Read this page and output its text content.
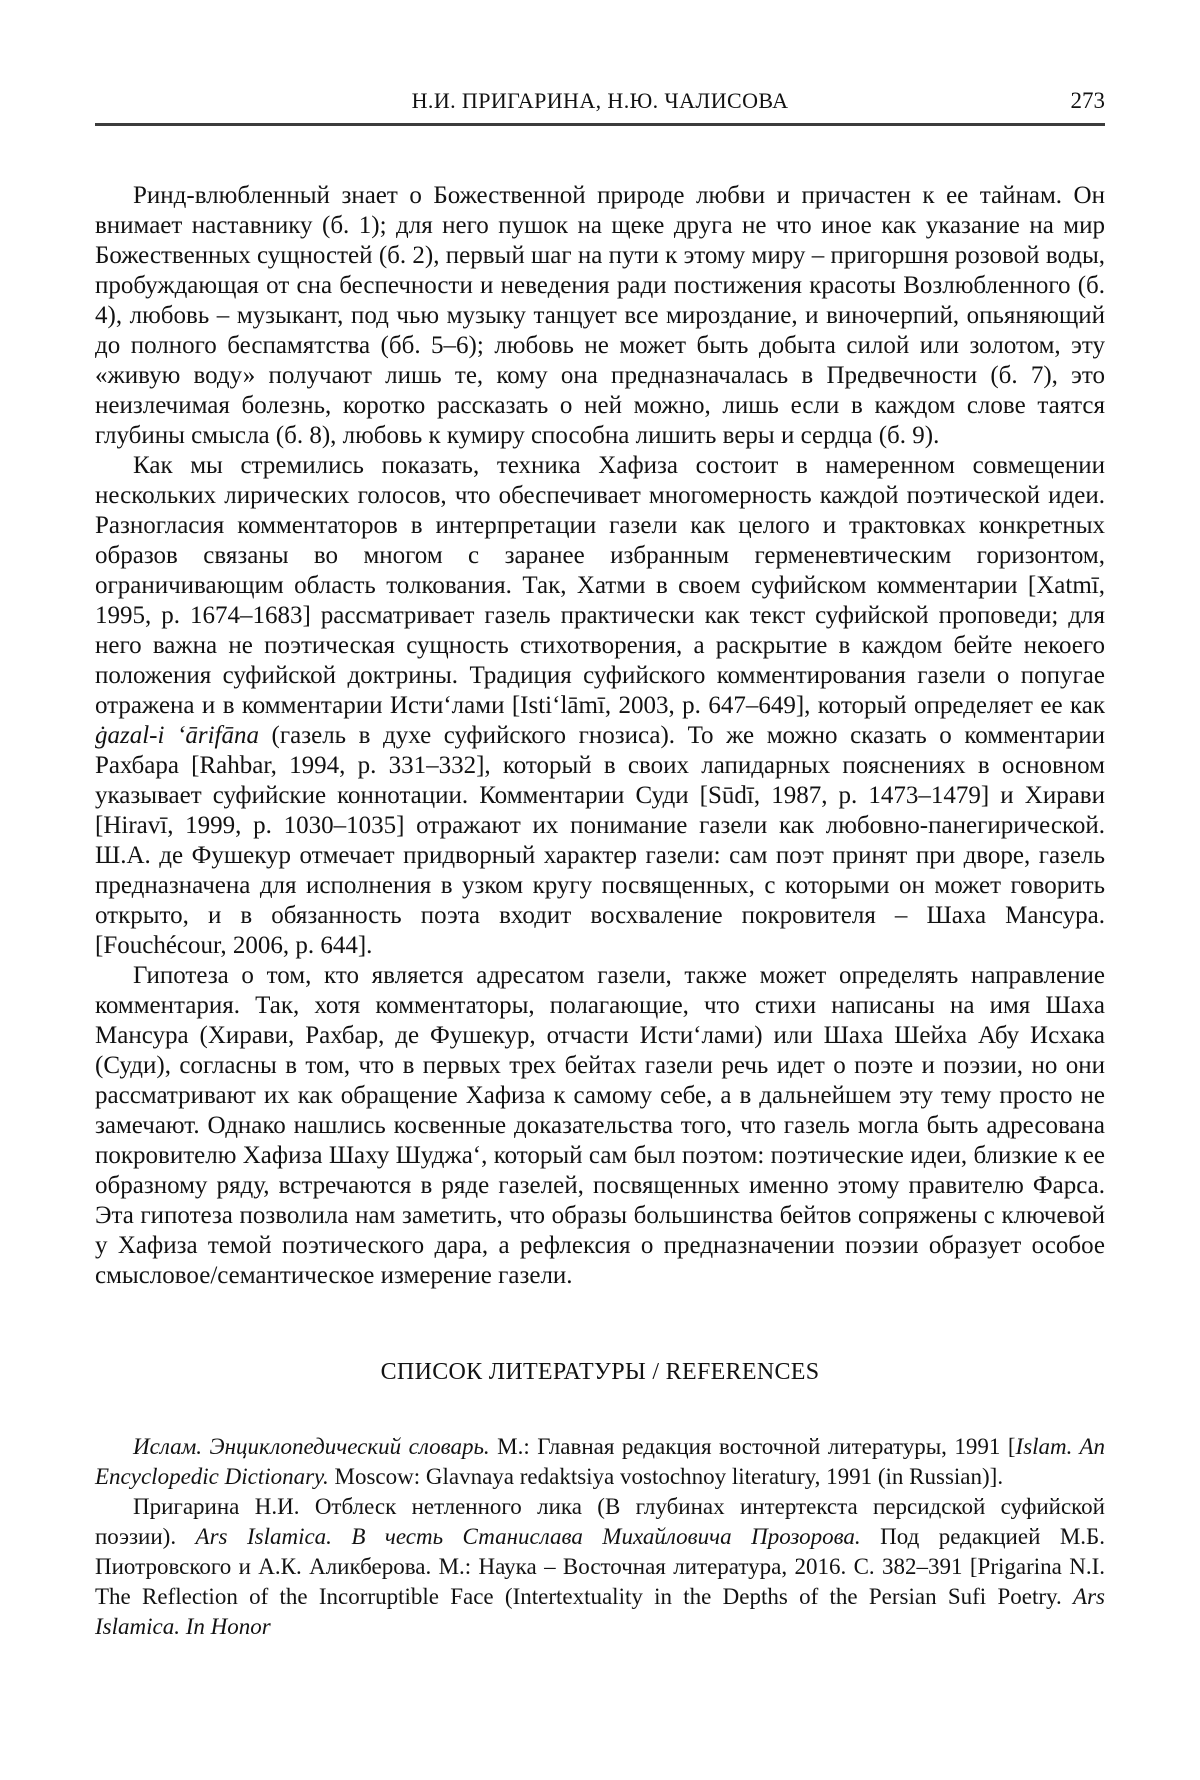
Н.И. ПРИГАРИНА, Н.Ю. ЧАЛИСОВА	273

Ринд-влюбленный знает о Божественной природе любви и причастен к ее тайнам. Он внимает наставнику (б. 1); для него пушок на щеке друга не что иное как указание на мир Божественных сущностей (б. 2), первый шаг на пути к этому миру – пригоршня розовой воды, пробуждающая от сна беспечности и неведения ради постижения красоты Возлюбленного (б. 4), любовь – музыкант, под чью музыку танцует все мироздание, и виночерпий, опьяняющий до полного беспамятства (бб. 5–6); любовь не может быть добыта силой или золотом, эту «живую воду» получают лишь те, кому она предназначалась в Предвечности (б. 7), это неизлечимая болезнь, коротко рассказать о ней можно, лишь если в каждом слове таятся глубины смысла (б. 8), любовь к кумиру способна лишить веры и сердца (б. 9).

Как мы стремились показать, техника Хафиза состоит в намеренном совмещении нескольких лирических голосов, что обеспечивает многомерность каждой поэтической идеи. Разногласия комментаторов в интерпретации газели как целого и трактовках конкретных образов связаны во многом с заранее избранным герменевтическим горизонтом, ограничивающим область толкования. Так, Хатми в своем суфийском комментарии [Xatmī, 1995, p. 1674–1683] рассматривает газель практически как текст суфийской проповеди; для него важна не поэтическая сущность стихотворения, а раскрытие в каждом бейте некоего положения суфийской доктрины. Традиция суфийского комментирования газели о попугае отражена и в комментарии Исти‘лами [Isti‘lāmī, 2003, p. 647–649], который определяет ее как ġazal-i ‘ārifāna (газель в духе суфийского гнозиса). То же можно сказать о комментарии Рахбара [Rahbar, 1994, p. 331–332], который в своих лапидарных пояснениях в основном указывает суфийские коннотации. Комментарии Суди [Sūdī, 1987, p. 1473–1479] и Хирави [Hiravī, 1999, p. 1030–1035] отражают их понимание газели как любовно-панегирической. Ш.А. де Фушекур отмечает придворный характер газели: сам поэт принят при дворе, газель предназначена для исполнения в узком кругу посвященных, с которыми он может говорить открыто, и в обязанность поэта входит восхваление покровителя – Шаха Мансура. [Fouchécour, 2006, p. 644].

Гипотеза о том, кто является адресатом газели, также может определять направление комментария. Так, хотя комментаторы, полагающие, что стихи написаны на имя Шаха Мансура (Хирави, Рахбар, де Фушекур, отчасти Исти‘лами) или Шаха Шейха Абу Исхака (Суди), согласны в том, что в первых трех бейтах газели речь идет о поэте и поэзии, но они рассматривают их как обращение Хафиза к самому себе, а в дальнейшем эту тему просто не замечают. Однако нашлись косвенные доказательства того, что газель могла быть адресована покровителю Хафиза Шаху Шуджа‘, который сам был поэтом: поэтические идеи, близкие к ее образному ряду, встречаются в ряде газелей, посвященных именно этому правителю Фарса. Эта гипотеза позволила нам заметить, что образы большинства бейтов сопряжены с ключевой у Хафиза темой поэтического дара, а рефлексия о предназначении поэзии образует особое смысловое/семантическое измерение газели.

СПИСОК ЛИТЕРАТУРЫ / REFERENCES

Ислам. Энциклопедический словарь. М.: Главная редакция восточной литературы, 1991 [Islam. An Encyclopedic Dictionary. Moscow: Glavnaya redaktsiya vostochnoy literatury, 1991 (in Russian)].

Пригарина Н.И. Отблеск нетленного лика (В глубинах интертекста персидской суфийской поэзии). Ars Islamica. В честь Станислава Михайловича Прозорова. Под редакцией М.Б. Пиотровского и А.К. Аликберова. М.: Наука – Восточная литература, 2016. С. 382–391 [Prigarina N.I. The Reflection of the Incorruptible Face (Intertextuality in the Depths of the Persian Sufi Poetry. Ars Islamica. In Honor
